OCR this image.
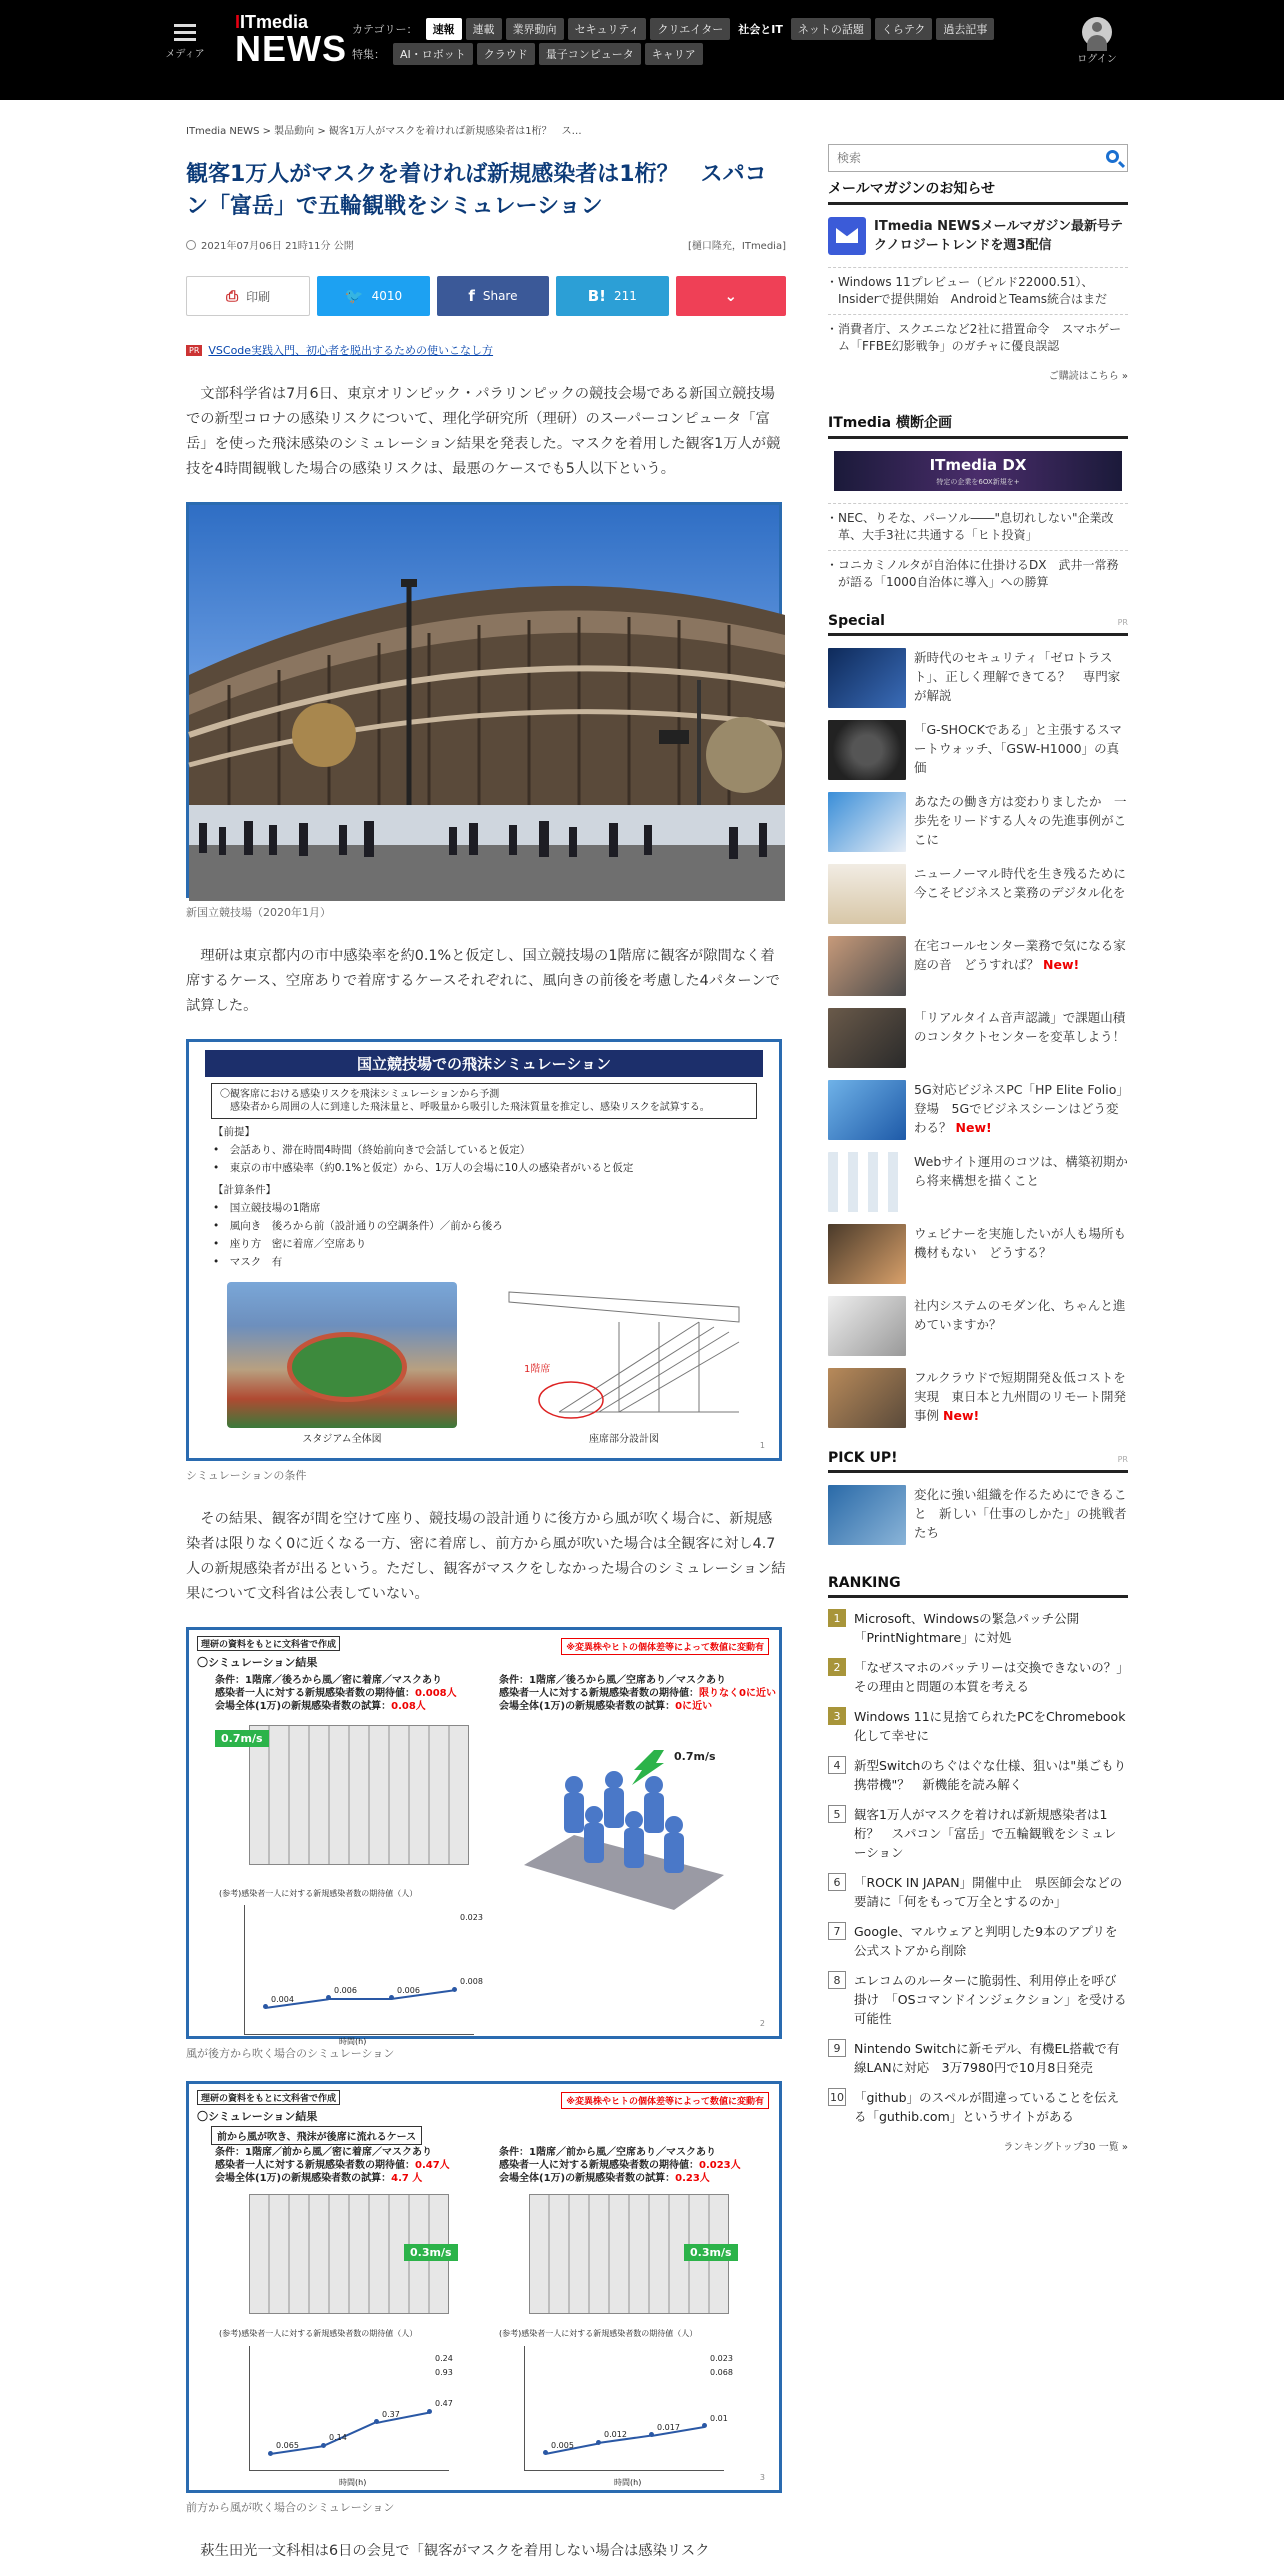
メディア
IITmedia
NEWS カテゴリー：	速報	連載	業界動向	セキュリティ	クリエイター	社会とIT	ネットの話題	くらテク	過去記事
特集：	AI・ロボット	クラウド	量子コンピュータ	キャリア	ログイン
ITmedia NEWS > 製品動向 > 観客1万人がマスクを着ければ新規感染者は1桁？　ス…
観客1万人がマスクを着ければ新規感染者は1桁？　スパコン「富岳」で五輪観戦をシミュレーション
2021年07月06日 21時11分 公開	[樋口隆充，ITmedia]
⎙ 印刷	🐦 4010	f Share	B! 211	⌄
PR VSCode実践入門、初心者を脱出するための使いこなし方

文部科学省は7月6日、東京オリンピック・パラリンピックの競技会場である新国立競技場での新型コロナの感染リスクについて、理化学研究所（理研）のスーパーコンピュータ「富岳」を使った飛沫感染のシミュレーション結果を発表した。マスクを着用した観客1万人が競技を4時間観戦した場合の感染リスクは、最悪のケースでも5人以下という。

新国立競技場（2020年1月）

理研は東京都内の市中感染率を約0.1%と仮定し、国立競技場の1階席に観客が隙間なく着席するケース、空席ありで着席するケースそれぞれに、風向きの前後を考慮した4パターンで試算した。

国立競技場での飛沫シミュレーション
〇観客席における感染リスクを飛沫シミュレーションから予測
　感染者から周囲の人に到達した飛沫量と、呼吸量から吸引した飛沫質量を推定し、感染リスクを試算する。
【前提】
•　会話あり、滞在時間4時間（終始前向きで会話していると仮定）
•　東京の市中感染率（約0.1%と仮定）から、1万人の会場に10人の感染者がいると仮定
【計算条件】
•　国立競技場の1階席
•　風向き　後ろから前（設計通りの空調条件）／前から後ろ
•　座り方　密に着席／空席あり
•　マスク　有
スタジアム全体図
1階席
座席部分設計図
1
シミュレーションの条件

その結果、観客が間を空けて座り、競技場の設計通りに後方から風が吹く場合に、新規感染者は限りなく0に近くなる一方、密に着席し、前方から風が吹いた場合は全観客に対し4.7人の新規感染者が出るという。ただし、観客がマスクをしなかった場合のシミュレーション結果について文科省は公表していない。

理研の資料をもとに文科省で作成	※変異株やヒトの個体差等によって数値に変動有
〇シミュレーション結果
条件：1階席／後ろから風／密に着席／マスクあり
感染者一人に対する新規感染者数の期待値：0.008人
会場全体(1万)の新規感染者数の試算：0.08人
条件：1階席／後ろから風／空席あり／マスクあり
感染者一人に対する新規感染者数の期待値：限りなく0に近い
会場全体(1万)の新規感染者数の試算：0に近い
0.7m/s
0.7m/s
(参考)感染者一人に対する新規感染者数の期待値（人）
0.004
0.006	0.006
0.008
0.023
時間(h)
2
風が後方から吹く場合のシミュレーション
理研の資料をもとに文科省で作成	※変異株やヒトの個体差等によって数値に変動有
〇シミュレーション結果
前から風が吹き、飛沫が後席に流れるケース
条件：1階席／前から風／密に着席／マスクあり
感染者一人に対する新規感染者数の期待値：0.47人
会場全体(1万)の新規感染者数の試算：4.7 人
条件：1階席／前から風／空席あり／マスクあり
感染者一人に対する新規感染者数の期待値：0.023人
会場全体(1万)の新規感染者数の試算：0.23人
0.3m/s	0.3m/s
(参考)感染者一人に対する新規感染者数の期待値（人）	(参考)感染者一人に対する新規感染者数の期待値（人）
0.065
0.14
0.37
0.47
0.24
0.93
0.005
0.012
0.017
0.01
0.023
0.068
時間(h)	時間(h)
3
前方から風が吹く場合のシミュレーション

萩生田光一文科相は6日の会見で「観客がマスクを着用しない場合は感染リスク

検索
メールマガジンのお知らせ
ITmedia NEWSメールマガジン最新号テクノロジートレンドを週3配信
・ Windows 11プレビュー（ビルド22000.51）、Insiderで提供開始　AndroidとTeams統合はまだ
・ 消費者庁、スクエニなど2社に措置命令　スマホゲーム「FFBE幻影戦争」のガチャに優良誤認
ご購読はこちら »
ITmedia 横断企画
ITmedia DX
特定の企業を6OX新規を+
・ NEC、りそな、パーソル――"息切れしない"企業改革、大手3社に共通する「ヒト投資」
・ コニカミノルタが自治体に仕掛けるDX　武井一常務が語る「1000自治体に導入」への勝算
Special	PR
新時代のセキュリティ「ゼロトラスト」、正しく理解できてる？　専門家が解説
「G-SHOCKである」と主張するスマートウォッチ、「GSW-H1000」の真価
あなたの働き方は変わりましたか　一歩先をリードする人々の先進事例がここに
ニューノーマル時代を生き残るために　今こそビジネスと業務のデジタル化を
在宅コールセンター業務で気になる家庭の音　どうすれば？ New!
「リアルタイム音声認識」で課題山積のコンタクトセンターを変革しよう！
5G対応ビジネスPC「HP Elite Folio」登場　5Gでビジネスシーンはどう変わる？ New!
Webサイト運用のコツは、構築初期から将来構想を描くこと
ウェビナーを実施したいが人も場所も機材もない　どうする？
社内システムのモダン化、ちゃんと進めていますか？
フルクラウドで短期開発＆低コストを実現　東日本と九州間のリモート開発事例 New!
PICK UP!	PR
変化に強い組織を作るためにできること　新しい「仕事のしかた」の挑戦者たち
RANKING
1	Microsoft、Windowsの緊急パッチ公開「PrintNightmare」に対処
2	「なぜスマホのバッテリーは交換できないの？」　その理由と問題の本質を考える
3	Windows 11に見捨てられたPCをChromebook化して幸せに
4	新型Switchのちぐはぐな仕様、狙いは"巣ごもり携帯機"？　新機能を読み解く
5	観客1万人がマスクを着ければ新規感染者は1桁？　スパコン「富岳」で五輪観戦をシミュレーション
6	「ROCK IN JAPAN」開催中止　県医師会などの要請に「何をもって万全とするのか」
7	Google、マルウェアと判明した9本のアプリを公式ストアから削除
8	エレコムのルーターに脆弱性、利用停止を呼び掛け　「OSコマンドインジェクション」を受ける可能性
9	Nintendo Switchに新モデル、有機EL搭載で有線LANに対応　3万7980円で10月8日発売
10 「github」のスペルが間違っていることを伝える「guthib.com」というサイトがある
ランキングトップ30 一覧 »
